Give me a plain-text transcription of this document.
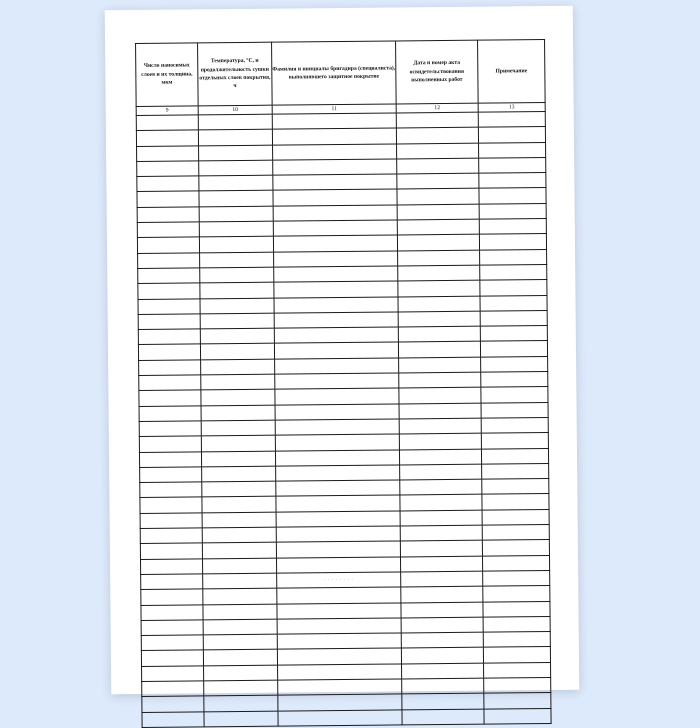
Число наносимых слоев и их толщина, мкм	Температура, °C, и продолжительность сушки отдельных слоев покрытия, ч	Фамилия и инициалы бригадира (специалиста), выполнявшего защитное покрытие	Дата и номер акта освидетельствования выполненных работ	Примечание

9	10	11	12	13

		· · · · · · · ·		
